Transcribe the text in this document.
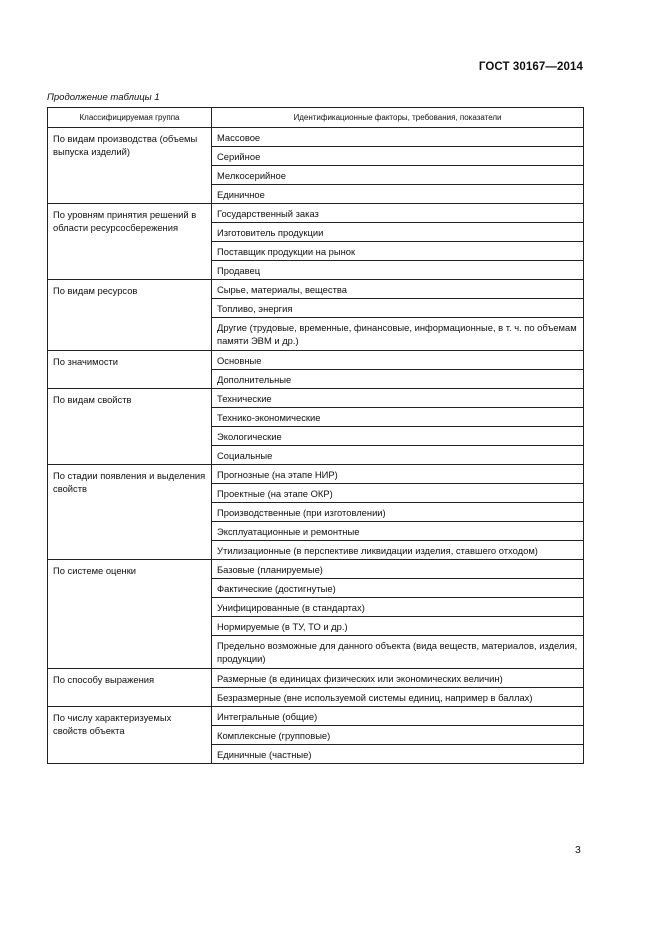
ГОСТ 30167—2014
Продолжение таблицы 1
Классифицируемая группа	Идентификационные факторы, требования, показатели
По видам производства (объемы выпуска изделий)	Массовое
	Серийное
	Мелкосерийное
	Единичное
По уровням принятия решений в области ресурсосбережения	Государственный заказ
	Изготовитель продукции
	Поставщик продукции на рынок
	Продавец
По видам ресурсов	Сырье, материалы, вещества
	Топливо, энергия
	Другие (трудовые, временные, финансовые, информационные, в т. ч. по объемам памяти ЭВМ и др.)
По значимости	Основные
	Дополнительные
По видам свойств	Технические
	Технико-экономические
	Экологические
	Социальные
По стадии появления и выделения свойств	Прогнозные (на этапе НИР)
	Проектные (на этапе ОКР)
	Производственные (при изготовлении)
	Эксплуатационные и ремонтные
	Утилизационные (в перспективе ликвидации изделия, ставшего отходом)
По системе оценки	Базовые (планируемые)
	Фактические (достигнутые)
	Унифицированные (в стандартах)
	Нормируемые (в ТУ, ТО и др.)
	Предельно возможные для данного объекта (вида веществ, материалов, изделия, продукции)
По способу выражения	Размерные (в единицах физических или экономических величин)
	Безразмерные (вне используемой системы единиц, например в баллах)
По числу характеризуемых свойств объекта	Интегральные (общие)
	Комплексные (групповые)
	Единичные (частные)
3
